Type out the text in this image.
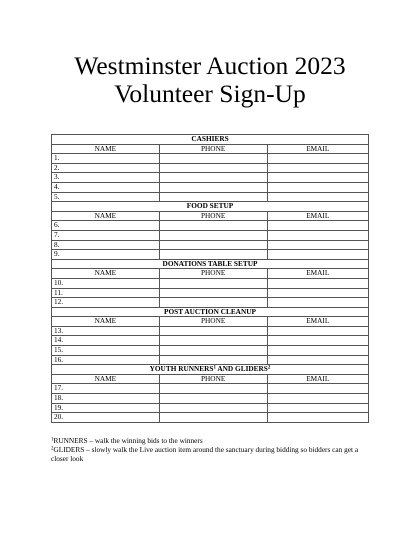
Westminster Auction 2023
Volunteer Sign-Up
CASHIERS		
NAME	PHONE	EMAIL
1.		
2.		
3.		
4.		
5.		
FOOD SETUP		
NAME	PHONE	EMAIL
6.		
7.		
8.		
9.		
DONATIONS TABLE SETUP		
NAME	PHONE	EMAIL
10.		
11.		
12.		
POST AUCTION CLEANUP		
NAME	PHONE	EMAIL
13.		
14.		
15.		
16.		
YOUTH RUNNERS$^1$ AND GLIDERS$^2$
NAME	PHONE	EMAIL
17.		
18.		
19.		
20.		

$^1$RUNNERS – walk the winning bids to the winners

$^2$GLIDERS – slowly walk the Live auction item around the sanctuary during bidding so bidders can get a closer look
